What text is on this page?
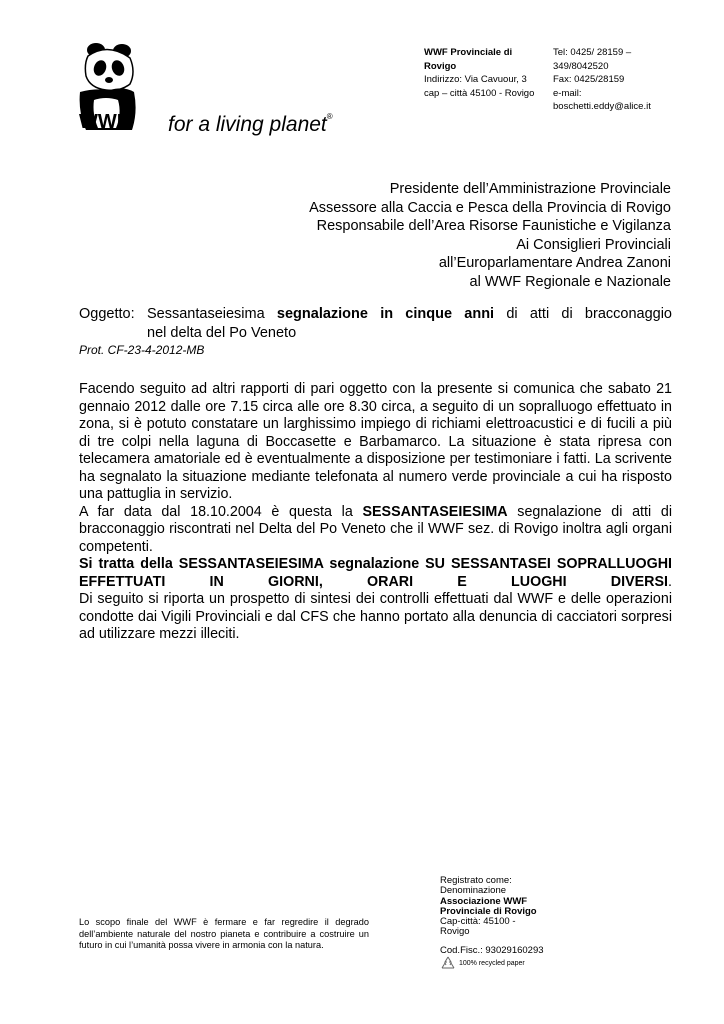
WWF for a living planet®
WWF Provinciale di
Rovigo
Indirizzo: Via Cavuour, 3
cap – città 45100 - Rovigo
Tel: 0425/ 28159 –
349/8042520
Fax: 0425/28159
e-mail:
boschetti.eddy@alice.it
Presidente dell’Amministrazione Provinciale
Assessore alla Caccia e Pesca della Provincia di Rovigo
Responsabile dell’Area Risorse Faunistiche e Vigilanza
Ai Consiglieri Provinciali
all’Europarlamentare Andrea Zanoni
al WWF Regionale e Nazionale
Oggetto: Sessantaseiesima segnalazione in cinque anni di atti di bracconaggio
nel delta del Po Veneto
Prot. CF-23-4-2012-MB

Facendo seguito ad altri rapporti di pari oggetto con la presente si comunica che sabato 21 gennaio 2012 dalle ore 7.15 circa alle ore 8.30 circa, a seguito di un sopralluogo effettuato in zona, si è potuto constatare un larghissimo impiego di richiami elettroacustici e di fucili a più di tre colpi nella laguna di Boccasette e Barbamarco. La situazione è stata ripresa con telecamera amatoriale ed è eventualmente a disposizione per testimoniare i fatti. La scrivente ha segnalato la situazione mediante telefonata al numero verde provinciale a cui ha risposto una pattuglia in servizio.

A far data dal 18.10.2004 è questa la SESSANTASEIESIMA segnalazione di atti di bracconaggio riscontrati nel Delta del Po Veneto che il WWF sez. di Rovigo inoltra agli organi competenti.

Si tratta della SESSANTASEIESIMA segnalazione SU SESSANTASEI SOPRALLUOGHI EFFETTUATI IN GIORNI, ORARI E LUOGHI DIVERSI.

Di seguito si riporta un prospetto di sintesi dei controlli effettuati dal WWF e delle operazioni condotte dai Vigili Provinciali e dal CFS che hanno portato alla denuncia di cacciatori sorpresi ad utilizzare mezzi illeciti.

Lo scopo finale del WWF è fermare e far regredire il degrado dell’ambiente naturale del nostro pianeta e contribuire a costruire un futuro in cui l’umanità possa vivere in armonia con la natura.
Registrato come:
Denominazione
Associazione WWF
Provinciale di Rovigo
Cap-città: 45100 -
Rovigo
Cod.Fisc.: 93029160293
100% recycled paper
